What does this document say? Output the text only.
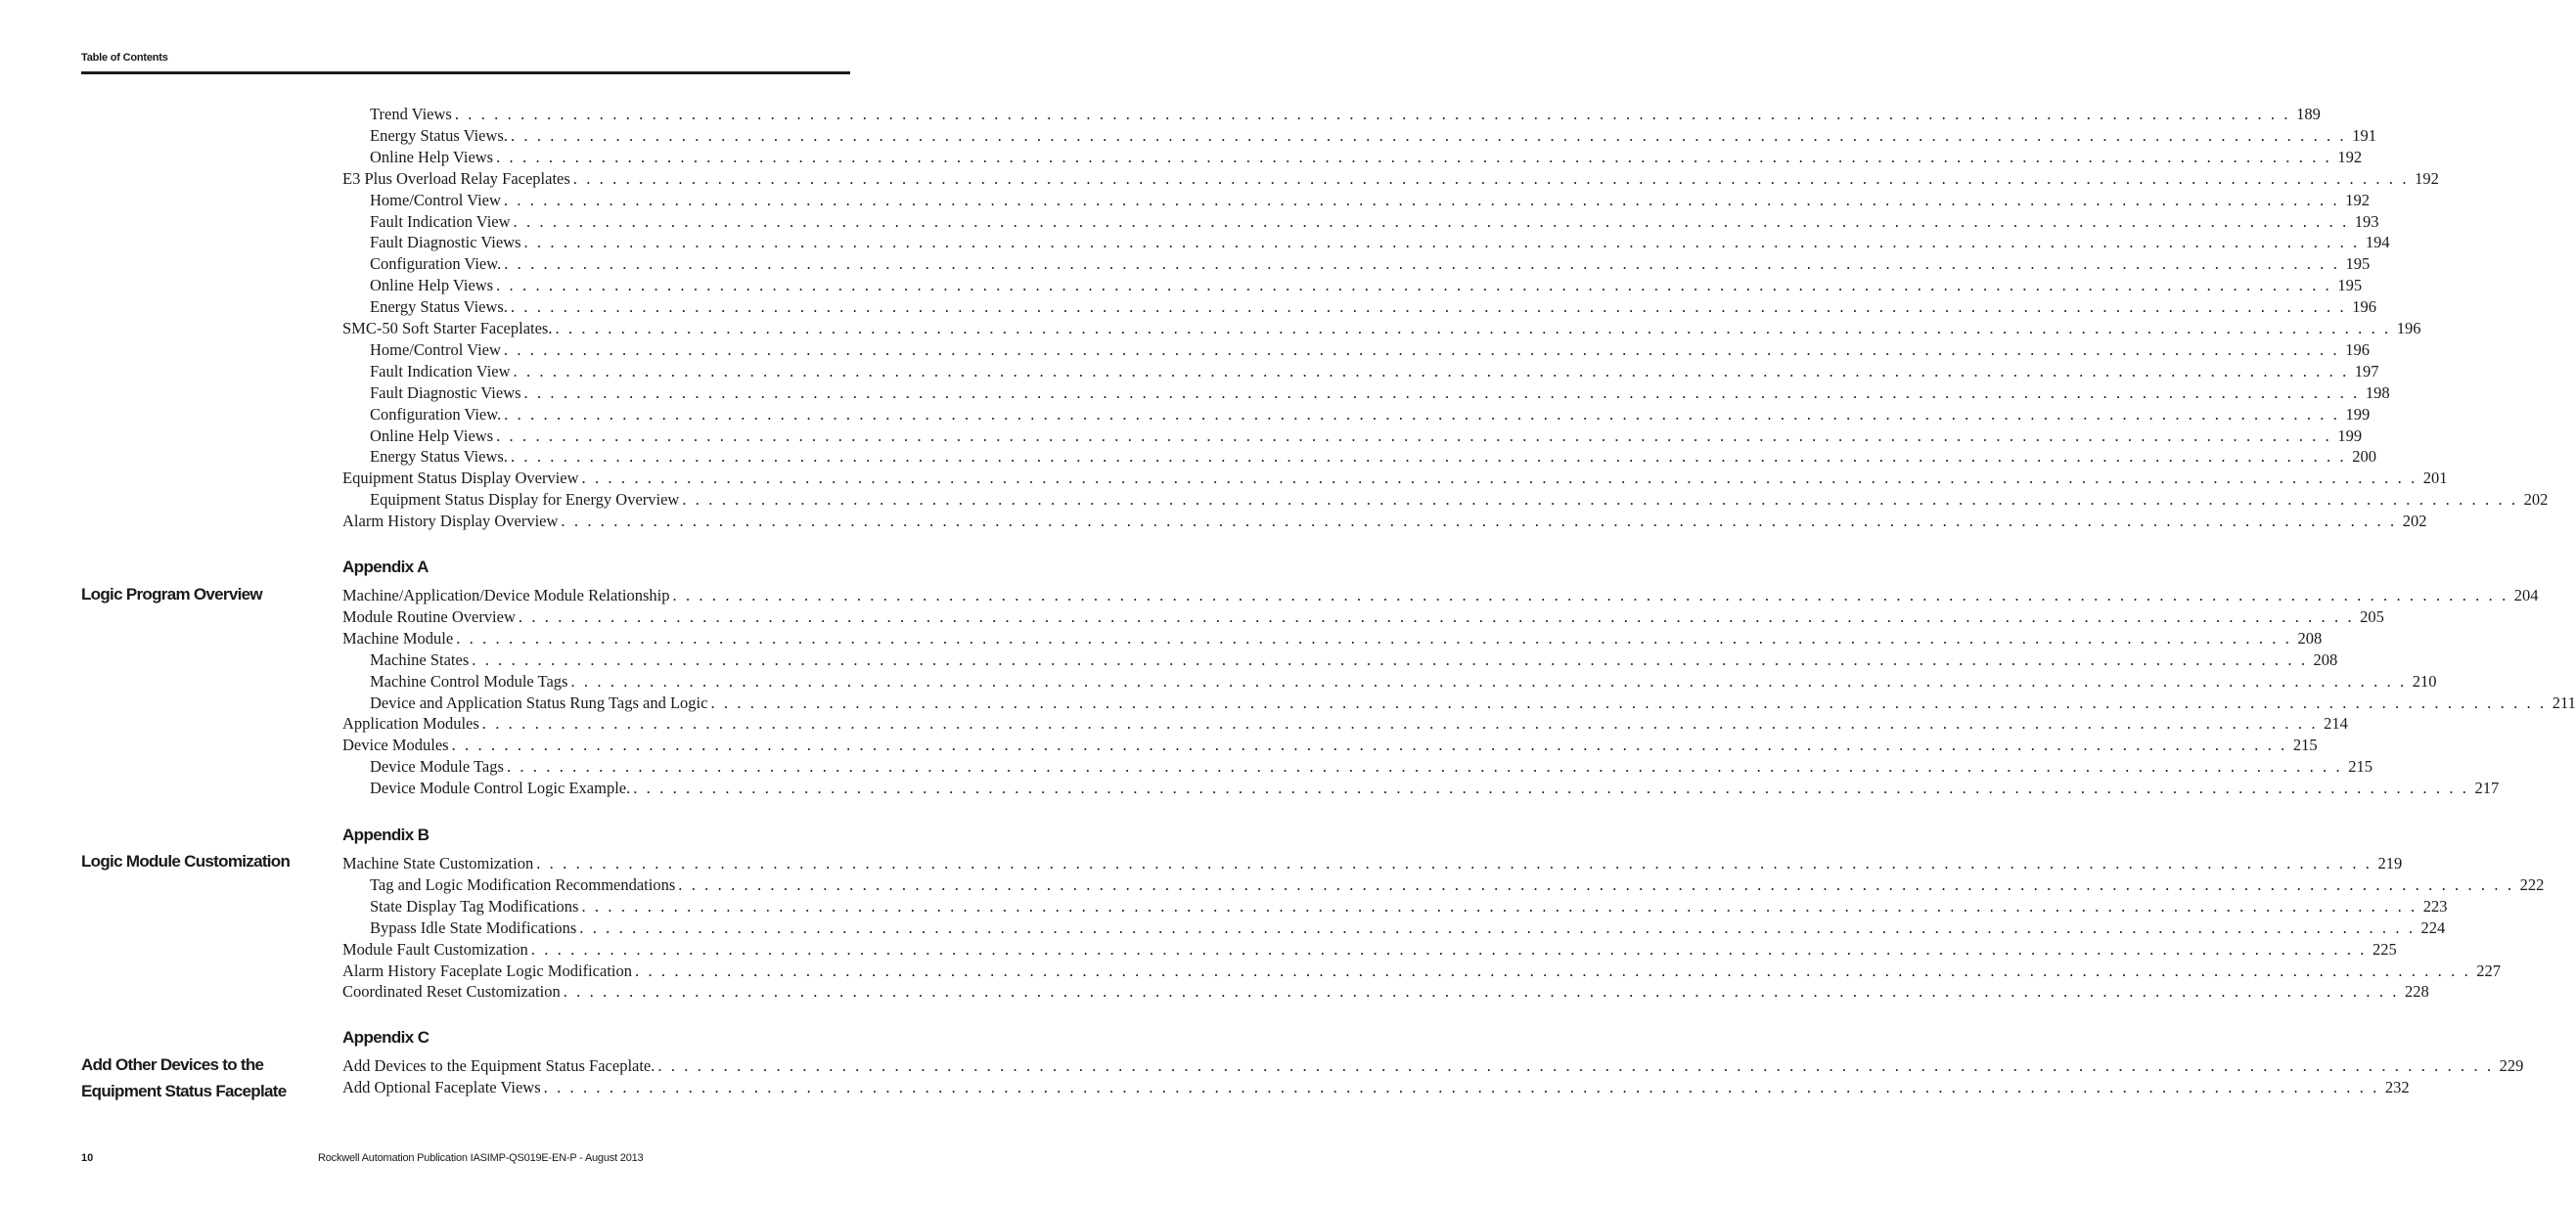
Table of Contents
Trend Views . . . . . . . . . . . . . . . . . . . . . . . . . . . . . . . . . . . . . . . . . . . . . . . . . . . . . . . . . . . . . . . . . . . . . . . . . . . . . . . . . . . . . . . . . . . . . . . . . . . . . . . . . . . . . . . . . . . . . . . . . . . . . . . . . . . . . . . . . . . . 189
Energy Status Views. . . . . . . . . . . . . . . . . . . . . . . . . . . . . . . . . . . . . . . . . . . . . . . . . . . . . . . . . . . . . . . . . . . . . . . . . . . . . . . . . . . . . . . . . . . . . . . . . . . . . . . . . . . . . . . . . . . . . . . . . . . . . . . . . . . . . . . . . . . . . 191
Online Help Views . . . . . . . . . . . . . . . . . . . . . . . . . . . . . . . . . . . . . . . . . . . . . . . . . . . . . . . . . . . . . . . . . . . . . . . . . . . . . . . . . . . . . . . . . . . . . . . . . . . . . . . . . . . . . . . . . . . . . . . . . . . . . . . . . . . . . . . . . . . . 192
E3 Plus Overload Relay Faceplates . . . . . . . . . . . . . . . . . . . . . . . . . . . . . . . . . . . . . . . . . . . . . . . . . . . . . . . . . . . . . . . . . . . . . . . . . . . . . . . . . . . . . . . . . . . . . . . . . . . . . . . . . . . . . . . . . . . . . . . . . . . . . . . . . . . . . . . . . . . . 192
Home/Control View . . . . . . . . . . . . . . . . . . . . . . . . . . . . . . . . . . . . . . . . . . . . . . . . . . . . . . . . . . . . . . . . . . . . . . . . . . . . . . . . . . . . . . . . . . . . . . . . . . . . . . . . . . . . . . . . . . . . . . . . . . . . . . . . . . . . . . . . . . . . 192
Fault Indication View . . . . . . . . . . . . . . . . . . . . . . . . . . . . . . . . . . . . . . . . . . . . . . . . . . . . . . . . . . . . . . . . . . . . . . . . . . . . . . . . . . . . . . . . . . . . . . . . . . . . . . . . . . . . . . . . . . . . . . . . . . . . . . . . . . . . . . . . . . . . 193
Fault Diagnostic Views . . . . . . . . . . . . . . . . . . . . . . . . . . . . . . . . . . . . . . . . . . . . . . . . . . . . . . . . . . . . . . . . . . . . . . . . . . . . . . . . . . . . . . . . . . . . . . . . . . . . . . . . . . . . . . . . . . . . . . . . . . . . . . . . . . . . . . . . . . . . 194
Configuration View. . . . . . . . . . . . . . . . . . . . . . . . . . . . . . . . . . . . . . . . . . . . . . . . . . . . . . . . . . . . . . . . . . . . . . . . . . . . . . . . . . . . . . . . . . . . . . . . . . . . . . . . . . . . . . . . . . . . . . . . . . . . . . . . . . . . . . . . . . . . . 195
Online Help Views . . . . . . . . . . . . . . . . . . . . . . . . . . . . . . . . . . . . . . . . . . . . . . . . . . . . . . . . . . . . . . . . . . . . . . . . . . . . . . . . . . . . . . . . . . . . . . . . . . . . . . . . . . . . . . . . . . . . . . . . . . . . . . . . . . . . . . . . . . . . 195
Energy Status Views. . . . . . . . . . . . . . . . . . . . . . . . . . . . . . . . . . . . . . . . . . . . . . . . . . . . . . . . . . . . . . . . . . . . . . . . . . . . . . . . . . . . . . . . . . . . . . . . . . . . . . . . . . . . . . . . . . . . . . . . . . . . . . . . . . . . . . . . . . . . . 196
SMC-50 Soft Starter Faceplates. . . . . . . . . . . . . . . . . . . . . . . . . . . . . . . . . . . . . . . . . . . . . . . . . . . . . . . . . . . . . . . . . . . . . . . . . . . . . . . . . . . . . . . . . . . . . . . . . . . . . . . . . . . . . . . . . . . . . . . . . . . . . . . . . . . . . . . . . . . . . 196
Home/Control View . . . . . . . . . . . . . . . . . . . . . . . . . . . . . . . . . . . . . . . . . . . . . . . . . . . . . . . . . . . . . . . . . . . . . . . . . . . . . . . . . . . . . . . . . . . . . . . . . . . . . . . . . . . . . . . . . . . . . . . . . . . . . . . . . . . . . . . . . . . . 196
Fault Indication View . . . . . . . . . . . . . . . . . . . . . . . . . . . . . . . . . . . . . . . . . . . . . . . . . . . . . . . . . . . . . . . . . . . . . . . . . . . . . . . . . . . . . . . . . . . . . . . . . . . . . . . . . . . . . . . . . . . . . . . . . . . . . . . . . . . . . . . . . . . . 197
Fault Diagnostic Views . . . . . . . . . . . . . . . . . . . . . . . . . . . . . . . . . . . . . . . . . . . . . . . . . . . . . . . . . . . . . . . . . . . . . . . . . . . . . . . . . . . . . . . . . . . . . . . . . . . . . . . . . . . . . . . . . . . . . . . . . . . . . . . . . . . . . . . . . . . . 198
Configuration View. . . . . . . . . . . . . . . . . . . . . . . . . . . . . . . . . . . . . . . . . . . . . . . . . . . . . . . . . . . . . . . . . . . . . . . . . . . . . . . . . . . . . . . . . . . . . . . . . . . . . . . . . . . . . . . . . . . . . . . . . . . . . . . . . . . . . . . . . . . . . 199
Online Help Views . . . . . . . . . . . . . . . . . . . . . . . . . . . . . . . . . . . . . . . . . . . . . . . . . . . . . . . . . . . . . . . . . . . . . . . . . . . . . . . . . . . . . . . . . . . . . . . . . . . . . . . . . . . . . . . . . . . . . . . . . . . . . . . . . . . . . . . . . . . . 199
Energy Status Views. . . . . . . . . . . . . . . . . . . . . . . . . . . . . . . . . . . . . . . . . . . . . . . . . . . . . . . . . . . . . . . . . . . . . . . . . . . . . . . . . . . . . . . . . . . . . . . . . . . . . . . . . . . . . . . . . . . . . . . . . . . . . . . . . . . . . . . . . . . . . 200
Equipment Status Display Overview . . . . . . . . . . . . . . . . . . . . . . . . . . . . . . . . . . . . . . . . . . . . . . . . . . . . . . . . . . . . . . . . . . . . . . . . . . . . . . . . . . . . . . . . . . . . . . . . . . . . . . . . . . . . . . . . . . . . . . . . . . . . . . . . . . . . . . . . . . . . 201
Equipment Status Display for Energy Overview . . . . . . . . . . . . . . . . . . . . . . . . . . . . . . . . . . . . . . . . . . . . . . . . . . . . . . . . . . . . . . . . . . . . . . . . . . . . . . . . . . . . . . . . . . . . . . . . . . . . . . . . . . . . . . . . . . . . . . . . . . . . . . . . . . . . . . . . . . . . 202
Alarm History Display Overview . . . . . . . . . . . . . . . . . . . . . . . . . . . . . . . . . . . . . . . . . . . . . . . . . . . . . . . . . . . . . . . . . . . . . . . . . . . . . . . . . . . . . . . . . . . . . . . . . . . . . . . . . . . . . . . . . . . . . . . . . . . . . . . . . . . . . . . . . . . . 202
Appendix A
Logic Program Overview	Machine/Application/Device Module Relationship . . . . . . . . . . . . . . . . . . . . . . . . . . . . . . . . . . . . . . . . . . . . . . . . . . . . . . . . . . . . . . . . . . . . . . . . . . . . . . . . . . . . . . . . . . . . . . . . . . . . . . . . . . . . . . . . . . . . . . . . . . . . . . . . . . . . . . . . . . . . 204
Module Routine Overview . . . . . . . . . . . . . . . . . . . . . . . . . . . . . . . . . . . . . . . . . . . . . . . . . . . . . . . . . . . . . . . . . . . . . . . . . . . . . . . . . . . . . . . . . . . . . . . . . . . . . . . . . . . . . . . . . . . . . . . . . . . . . . . . . . . . . . . . . . . . 205
Machine Module . . . . . . . . . . . . . . . . . . . . . . . . . . . . . . . . . . . . . . . . . . . . . . . . . . . . . . . . . . . . . . . . . . . . . . . . . . . . . . . . . . . . . . . . . . . . . . . . . . . . . . . . . . . . . . . . . . . . . . . . . . . . . . . . . . . . . . . . . . . . 208
Machine States . . . . . . . . . . . . . . . . . . . . . . . . . . . . . . . . . . . . . . . . . . . . . . . . . . . . . . . . . . . . . . . . . . . . . . . . . . . . . . . . . . . . . . . . . . . . . . . . . . . . . . . . . . . . . . . . . . . . . . . . . . . . . . . . . . . . . . . . . . . . 208
Machine Control Module Tags . . . . . . . . . . . . . . . . . . . . . . . . . . . . . . . . . . . . . . . . . . . . . . . . . . . . . . . . . . . . . . . . . . . . . . . . . . . . . . . . . . . . . . . . . . . . . . . . . . . . . . . . . . . . . . . . . . . . . . . . . . . . . . . . . . . . . . . . . . . . 210
Device and Application Status Rung Tags and Logic . . . . . . . . . . . . . . . . . . . . . . . . . . . . . . . . . . . . . . . . . . . . . . . . . . . . . . . . . . . . . . . . . . . . . . . . . . . . . . . . . . . . . . . . . . . . . . . . . . . . . . . . . . . . . . . . . . . . . . . . . . . . . . . . . . . . . . . . . . . . 211
Application Modules . . . . . . . . . . . . . . . . . . . . . . . . . . . . . . . . . . . . . . . . . . . . . . . . . . . . . . . . . . . . . . . . . . . . . . . . . . . . . . . . . . . . . . . . . . . . . . . . . . . . . . . . . . . . . . . . . . . . . . . . . . . . . . . . . . . . . . . . . . . . 214
Device Modules . . . . . . . . . . . . . . . . . . . . . . . . . . . . . . . . . . . . . . . . . . . . . . . . . . . . . . . . . . . . . . . . . . . . . . . . . . . . . . . . . . . . . . . . . . . . . . . . . . . . . . . . . . . . . . . . . . . . . . . . . . . . . . . . . . . . . . . . . . . . 215
Device Module Tags . . . . . . . . . . . . . . . . . . . . . . . . . . . . . . . . . . . . . . . . . . . . . . . . . . . . . . . . . . . . . . . . . . . . . . . . . . . . . . . . . . . . . . . . . . . . . . . . . . . . . . . . . . . . . . . . . . . . . . . . . . . . . . . . . . . . . . . . . . . . 215
Device Module Control Logic Example. . . . . . . . . . . . . . . . . . . . . . . . . . . . . . . . . . . . . . . . . . . . . . . . . . . . . . . . . . . . . . . . . . . . . . . . . . . . . . . . . . . . . . . . . . . . . . . . . . . . . . . . . . . . . . . . . . . . . . . . . . . . . . . . . . . . . . . . . . . . . 217
Appendix B
Logic Module Customization	Machine State Customization . . . . . . . . . . . . . . . . . . . . . . . . . . . . . . . . . . . . . . . . . . . . . . . . . . . . . . . . . . . . . . . . . . . . . . . . . . . . . . . . . . . . . . . . . . . . . . . . . . . . . . . . . . . . . . . . . . . . . . . . . . . . . . . . . . . . . . . . . . . . 219
Tag and Logic Modification Recommendations . . . . . . . . . . . . . . . . . . . . . . . . . . . . . . . . . . . . . . . . . . . . . . . . . . . . . . . . . . . . . . . . . . . . . . . . . . . . . . . . . . . . . . . . . . . . . . . . . . . . . . . . . . . . . . . . . . . . . . . . . . . . . . . . . . . . . . . . . . . . 222
State Display Tag Modifications . . . . . . . . . . . . . . . . . . . . . . . . . . . . . . . . . . . . . . . . . . . . . . . . . . . . . . . . . . . . . . . . . . . . . . . . . . . . . . . . . . . . . . . . . . . . . . . . . . . . . . . . . . . . . . . . . . . . . . . . . . . . . . . . . . . . . . . . . . . . 223
Bypass Idle State Modifications . . . . . . . . . . . . . . . . . . . . . . . . . . . . . . . . . . . . . . . . . . . . . . . . . . . . . . . . . . . . . . . . . . . . . . . . . . . . . . . . . . . . . . . . . . . . . . . . . . . . . . . . . . . . . . . . . . . . . . . . . . . . . . . . . . . . . . . . . . . . 224
Module Fault Customization . . . . . . . . . . . . . . . . . . . . . . . . . . . . . . . . . . . . . . . . . . . . . . . . . . . . . . . . . . . . . . . . . . . . . . . . . . . . . . . . . . . . . . . . . . . . . . . . . . . . . . . . . . . . . . . . . . . . . . . . . . . . . . . . . . . . . . . . . . . . 225
Alarm History Faceplate Logic Modification . . . . . . . . . . . . . . . . . . . . . . . . . . . . . . . . . . . . . . . . . . . . . . . . . . . . . . . . . . . . . . . . . . . . . . . . . . . . . . . . . . . . . . . . . . . . . . . . . . . . . . . . . . . . . . . . . . . . . . . . . . . . . . . . . . . . . . . . . . . . 227
Coordinated Reset Customization . . . . . . . . . . . . . . . . . . . . . . . . . . . . . . . . . . . . . . . . . . . . . . . . . . . . . . . . . . . . . . . . . . . . . . . . . . . . . . . . . . . . . . . . . . . . . . . . . . . . . . . . . . . . . . . . . . . . . . . . . . . . . . . . . . . . . . . . . . . . 228
Appendix C
Add Other Devices to the Equipment Status Faceplate
Add Devices to the Equipment Status Faceplate. . . . . . . . . . . . . . . . . . . . . . . . . . . . . . . . . . . . . . . . . . . . . . . . . . . . . . . . . . . . . . . . . . . . . . . . . . . . . . . . . . . . . . . . . . . . . . . . . . . . . . . . . . . . . . . . . . . . . . . . . . . . . . . . . . . . . . . . . . . . . 229
Add Optional Faceplate Views . . . . . . . . . . . . . . . . . . . . . . . . . . . . . . . . . . . . . . . . . . . . . . . . . . . . . . . . . . . . . . . . . . . . . . . . . . . . . . . . . . . . . . . . . . . . . . . . . . . . . . . . . . . . . . . . . . . . . . . . . . . . . . . . . . . . . . . . . . . . 232
10	Rockwell Automation Publication IASIMP-QS019E-EN-P - August 2013
